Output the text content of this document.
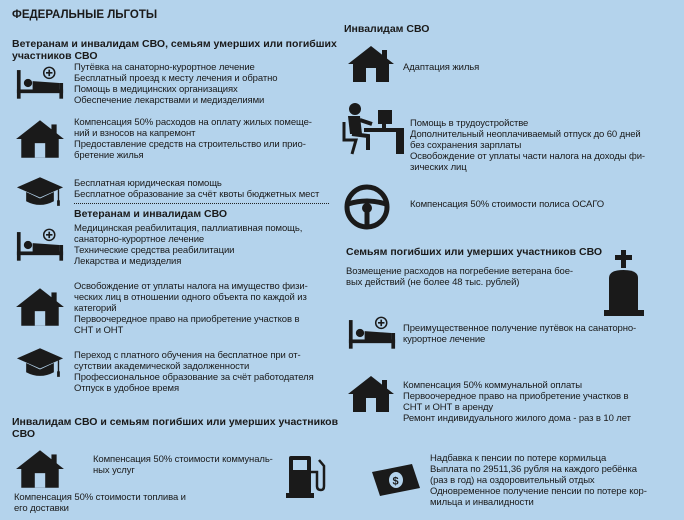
ФЕДЕРАЛЬНЫЕ ЛЬГОТЫ
Ветеранам и инвалидам СВО, семьям умерших или погибших
участников СВО
Путёвка на санаторно-курортное лечение
Бесплатный проезд к месту лечения и обратно
Помощь в медицинских организациях
Обеспечение лекарствами и медизделиями
Компенсация 50% расходов на оплату жилых помеще-
ний и взносов на капремонт
Предоставление средств на строительство или прио-
бретение жилья
Бесплатная юридическая помощь
Бесплатное образование за счёт квоты бюджетных мест
Ветеранам и инвалидам СВО
Медицинская реабилитация, паллиативная помощь,
санаторно-курортное лечение
Технические средства реабилитации
Лекарства и медизделия
Освобождение от уплаты налога на имущество физи-
ческих лиц в отношении одного объекта по каждой из
категорий
Первоочередное право на приобретение участков в
СНТ и ОНТ
Переход с платного обучения на бесплатное при от-
сутствии академической задолженности
Профессиональное образование за счёт работодателя
Отпуск в удобное время
Инвалидам СВО и семьям погибших или умерших участников
СВО
Компенсация 50% стоимости коммуналь-
ных услуг
Компенсация 50% стоимости топлива и
его доставки
Инвалидам СВО
Адаптация жилья
Помощь в трудоустройстве
Дополнительный неоплачиваемый отпуск до 60 дней
без сохранения зарплаты
Освобождение от уплаты части налога на доходы фи-
зических лиц
Компенсация 50% стоимости полиса ОСАГО
Семьям погибших или умерших участников СВО
Возмещение расходов на погребение ветерана бое-
вых действий (не более 48 тыс. рублей)
Преимущественное получение путёвок на санаторно-
курортное лечение
Компенсация 50% коммунальной оплаты
Первоочередное право на приобретение участков в
СНТ и ОНТ в аренду
Ремонт индивидуального жилого дома - раз в 10 лет
$
Надбавка к пенсии по потере кормильца
Выплата по 29511,36 рубля на каждого ребёнка
(раз в год) на оздоровительный отдых
Одновременное получение пенсии по потере кор-
мильца и инвалидности
